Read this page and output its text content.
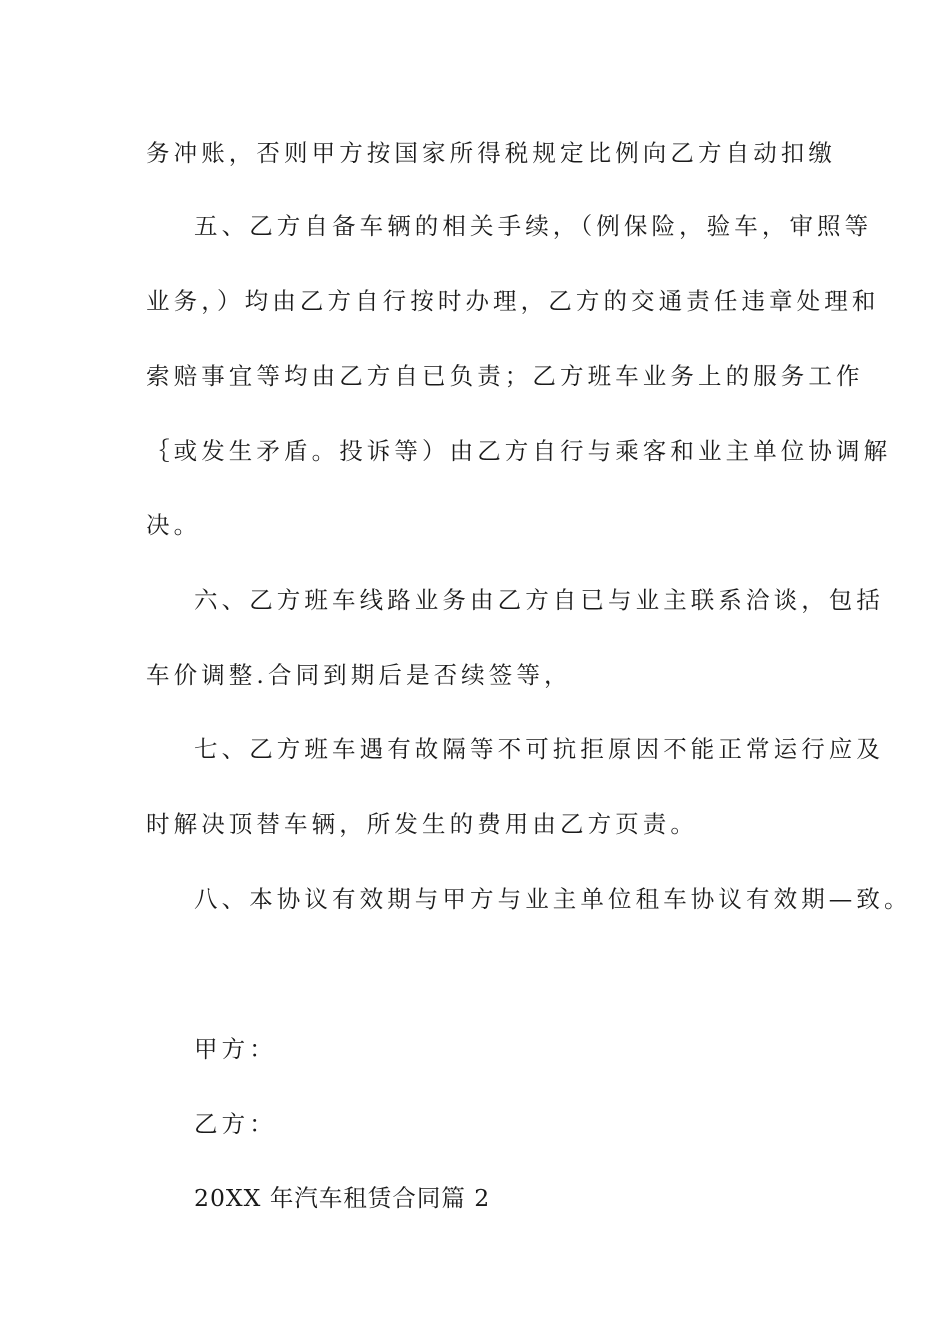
务冲账，否则甲方按国家所得税规定比例向乙方自动扣缴
五、乙方自备车辆的相关手续，（例保险，验车，审照等
业务，）均由乙方自行按时办理，乙方的交通责任违章处理和
索赔事宜等均由乙方自已负责；乙方班车业务上的服务工作
｛或发生矛盾。投诉等）由乙方自行与乘客和业主单位协调解
决。
六、乙方班车线路业务由乙方自已与业主联系洽谈，包括
车价调整.合同到期后是否续签等，
七、乙方班车遇有故隔等不可抗拒原因不能正常运行应及
时解决顶替车辆，所发生的费用由乙方页责。
八、本协议有效期与甲方与业主单位租车协议有效期—致。
甲方：
乙方：
20XX 年汽车租赁合同篇 2
